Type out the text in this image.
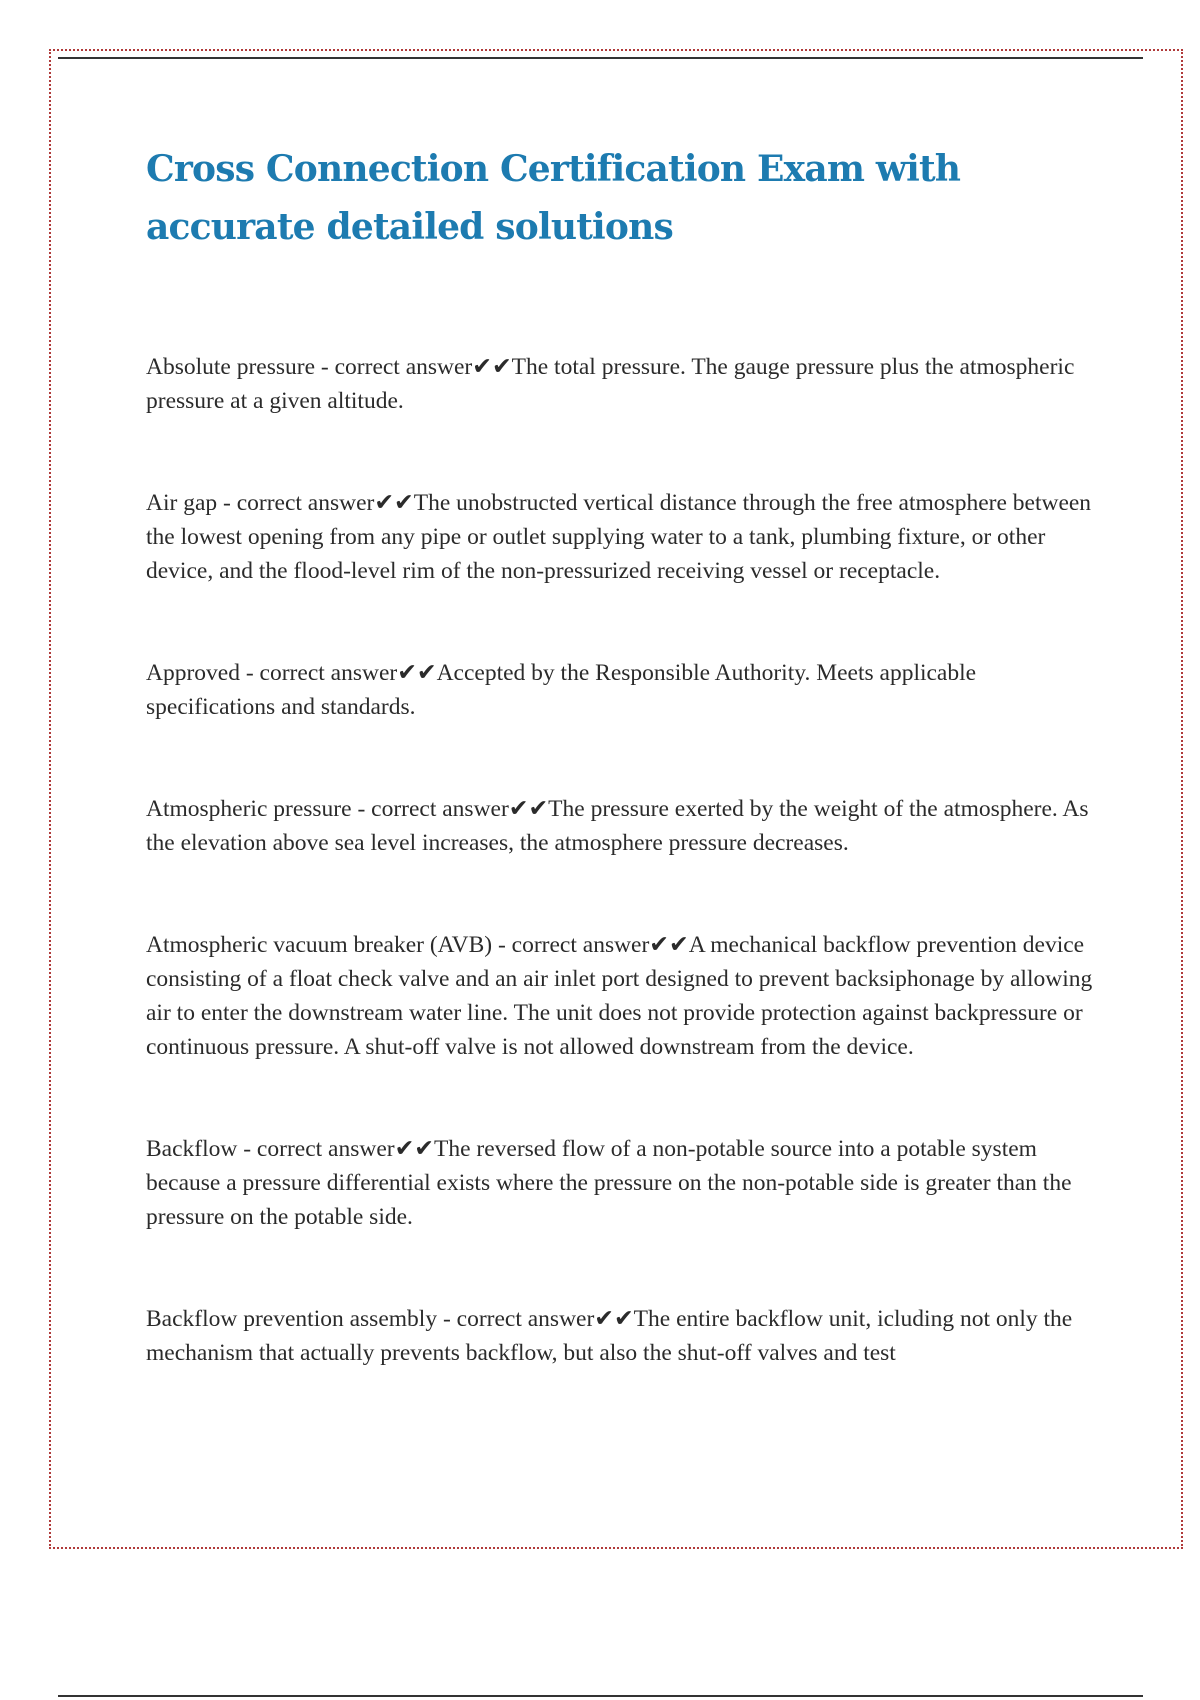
Cross Connection Certification Exam with accurate detailed solutions

Absolute pressure - correct answer✔✔The total pressure. The gauge pressure plus the atmospheric pressure at a given altitude.

Air gap - correct answer✔✔The unobstructed vertical distance through the free atmosphere between the lowest opening from any pipe or outlet supplying water to a tank, plumbing fixture, or other device, and the flood-level rim of the non-pressurized receiving vessel or receptacle.

Approved - correct answer✔✔Accepted by the Responsible Authority. Meets applicable specifications and standards.

Atmospheric pressure - correct answer✔✔The pressure exerted by the weight of the atmosphere. As the elevation above sea level increases, the atmosphere pressure decreases.

Atmospheric vacuum breaker (AVB) - correct answer✔✔A mechanical backflow prevention device consisting of a float check valve and an air inlet port designed to prevent backsiphonage by allowing air to enter the downstream water line. The unit does not provide protection against backpressure or continuous pressure. A shut-off valve is not allowed downstream from the device.

Backflow - correct answer✔✔The reversed flow of a non-potable source into a potable system because a pressure differential exists where the pressure on the non-potable side is greater than the pressure on the potable side.

Backflow prevention assembly - correct answer✔✔The entire backflow unit, icluding not only the mechanism that actually prevents backflow, but also the shut-off valves and test
